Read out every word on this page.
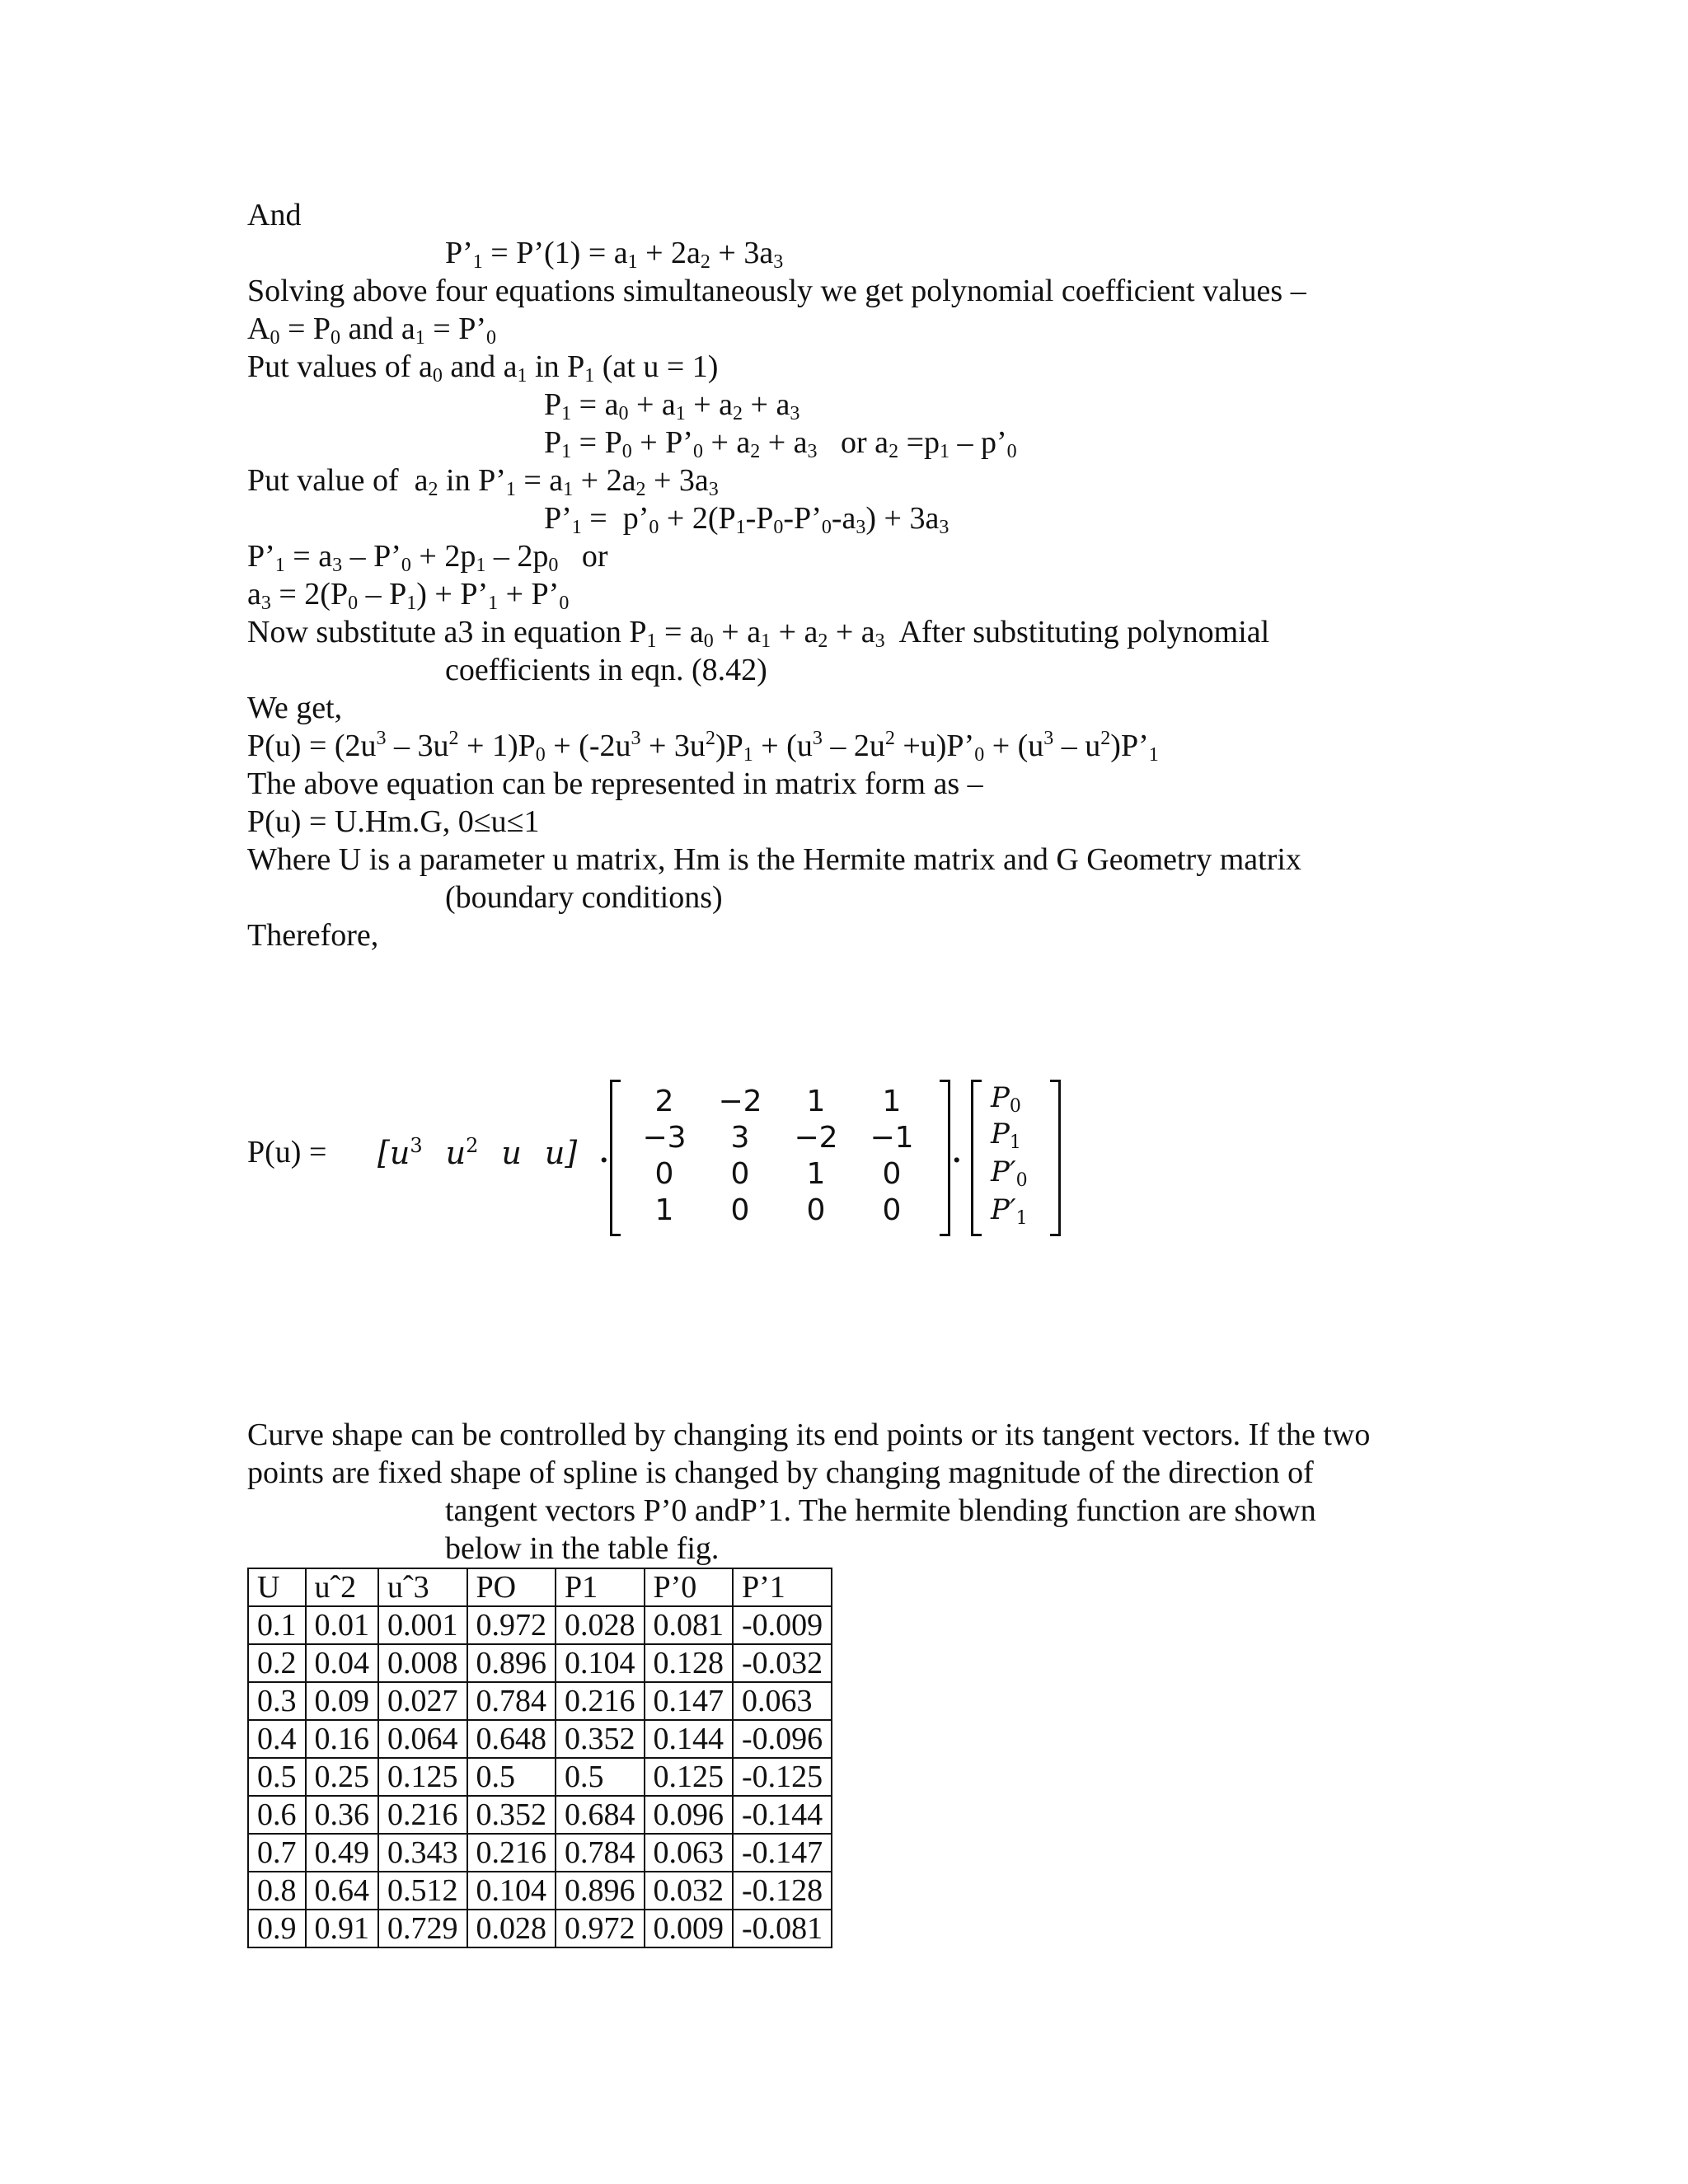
And
$P’_1$ = P’(1) = $a_1 + 2a_2 + 3a_3$
Solving above four equations simultaneously we get polynomial coefficient values –
$A_0 = P_0$ and $a_1$ = $P’_0$
Put values of $a_0$ and $a_1$ in $P_1$ (at u = 1)
$P_1 = a_0 + a_1 + a_2 + a_3$
$P_1 = P_0$ + $P’_0 + a_2 + a_3$   or $a_2 =p_1$ – $p’_0$
Put value of  $a_2$ in $P’_1 = a_1 + 2a_2 + 3a_3$
$P’_1$ =  $p’_0$ + $2(P_1-P_0-P’_0-a_3) + 3a_3$
$P’_1 = a_3$ – $P’_0 + 2p_1 - 2p_0$   or
$a_3 = 2(P_0 - P_1)$ + $P’_1$ + $P’_0$
Now substitute a3 in equation $P_1 = a_0 + a_1 + a_2 + a_3$ After substituting polynomial
coefficients in eqn. (8.42)
We get,
$P(u) = (2u^3 - 3u^2 + 1)P_0 + (-2u^3 + 3u^2)P_1 + (u^3 - 2u^2$ $+u)P’_0 + (u^3$ – $u^2)P’_1$
The above equation can be represented in matrix form as –
P(u) = U.Hm.G, 0≤u≤1
Where U is a parameter u matrix, Hm is the Hermite matrix and G Geometry matrix
(boundary conditions)
Therefore,
$P(u) = [u^3$ $u^2$ u u] .
2	−2	1	1
−3	3	−2	−1
0	0	1	0
1	0	0	0
.
$P_0$
$P_1$
$P'_0$
$P'_1$
Curve shape can be controlled by changing its end points or its tangent vectors. If the two
points are fixed shape of spline is changed by changing magnitude of the direction of
tangent vectors P’0 andP’1. The hermite blending function are shown
below in the table fig.
U	uˆ2	uˆ3	PO	P1	P’0	P’1
0.1	0.01	0.001	0.972	0.028	0.081	-0.009
0.2	0.04	0.008	0.896	0.104	0.128	-0.032
0.3	0.09	0.027	0.784	0.216	0.147	0.063
0.4	0.16	0.064	0.648	0.352	0.144	-0.096
0.5	0.25	0.125	0.5	0.5	0.125	-0.125
0.6	0.36	0.216	0.352	0.684	0.096	-0.144
0.7	0.49	0.343	0.216	0.784	0.063	-0.147
0.8	0.64	0.512	0.104	0.896	0.032	-0.128
0.9	0.91	0.729	0.028	0.972	0.009	-0.081
